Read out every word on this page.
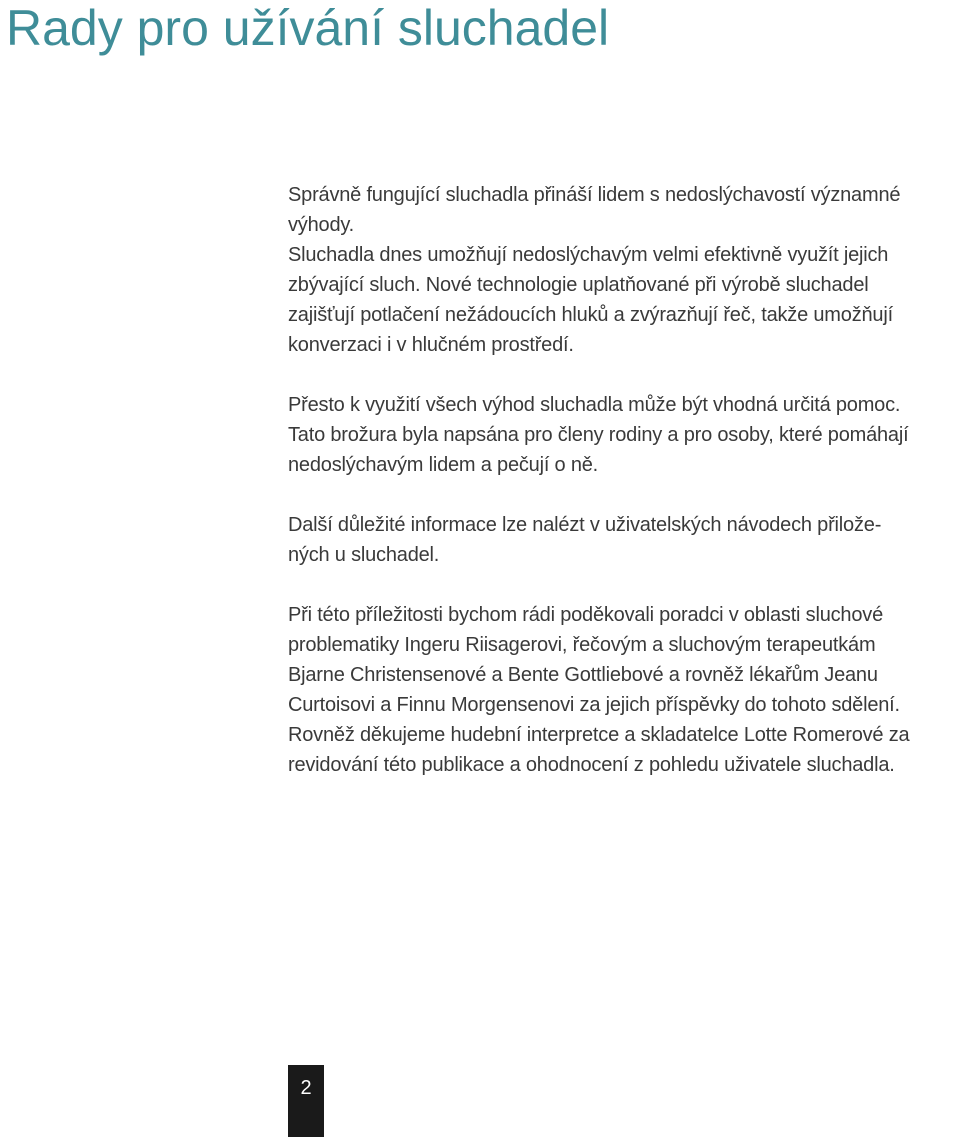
Rady pro užívání sluchadel

Správně fungující sluchadla přináší lidem s nedoslýchavostí významné
výhody.
Sluchadla dnes umožňují nedoslýchavým velmi efektivně využít jejich
zbývající sluch. Nové technologie uplatňované při výrobě sluchadel
zajišťují potlačení nežádoucích hluků a zvýrazňují řeč, takže umožňují
konverzaci i v hlučném prostředí.

Přesto k využití všech výhod sluchadla může být vhodná určitá pomoc.
Tato brožura byla napsána pro členy rodiny a pro osoby, které pomáhají
nedoslýchavým lidem a pečují o ně.

Další důležité informace lze nalézt v uživatelských návodech přilože-
ných u sluchadel.

Při této příležitosti bychom rádi poděkovali poradci v oblasti sluchové
problematiky Ingeru Riisagerovi, řečovým a sluchovým terapeutkám
Bjarne Christensenové a Bente Gottliebové a rovněž lékařům Jeanu
Curtoisovi a Finnu Morgensenovi za jejich příspěvky do tohoto sdělení.
Rovněž děkujeme hudební interpretce a skladatelce Lotte Romerové za
revidování této publikace a ohodnocení z pohledu uživatele sluchadla.

2
